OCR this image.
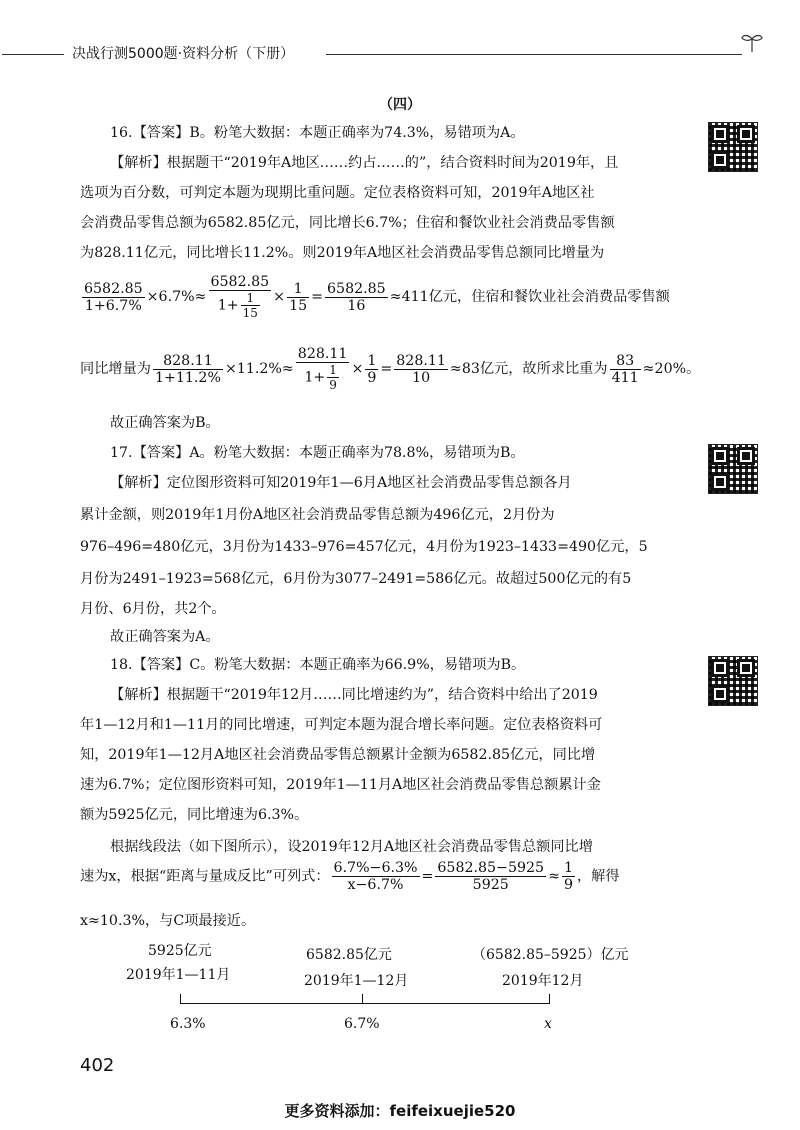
决战行测5000题·资料分析（下册）
（四）
16.【答案】B。粉笔大数据：本题正确率为74.3%，易错项为A。
【解析】根据题干“2019年A地区……约占……的”，结合资料时间为2019年，且
选项为百分数，可判定本题为现期比重问题。定位表格资料可知，2019年A地区社
会消费品零售总额为6582.85亿元，同比增长6.7%；住宿和餐饮业社会消费品零售额
为828.11亿元，同比增长11.2%。则2019年A地区社会消费品零售总额同比增量为
$\frac{6582.85}{1+6.7\%} \times 6.7\%\approx \frac{6582.85}{1+ \frac{1}{15}} \times \frac{1}{15} = \frac{6582.85}{16} \approx 411$亿元，住宿和餐饮业社会消费品零售额
同比增量为 $\frac{828.11}{1+11.2\%} \times 11.2\%\approx \frac{828.11}{1+ \frac{1}{9}} \times \frac{1}{9} = \frac{828.11}{10} \approx 83$亿元，故所求比重为 $\frac{83}{411} \approx 20\%$。
故正确答案为B。
17.【答案】A。粉笔大数据：本题正确率为78.8%，易错项为B。
【解析】定位图形资料可知2019年1—6月A地区社会消费品零售总额各月
累计金额，则2019年1月份A地区社会消费品零售总额为496亿元，2月份为
976–496=480亿元，3月份为1433–976=457亿元，4月份为1923–1433=490亿元，5
月份为2491–1923=568亿元，6月份为3077–2491=586亿元。故超过500亿元的有5
月份、6月份，共2个。
故正确答案为A。
18.【答案】C。粉笔大数据：本题正确率为66.9%，易错项为B。
【解析】根据题干“2019年12月……同比增速约为”，结合资料中给出了2019
年1—12月和1—11月的同比增速，可判定本题为混合增长率问题。定位表格资料可
知，2019年1—12月A地区社会消费品零售总额累计金额为6582.85亿元，同比增
速为6.7%；定位图形资料可知，2019年1—11月A地区社会消费品零售总额累计金
额为5925亿元，同比增速为6.3%。
根据线段法（如下图所示），设2019年12月A地区社会消费品零售总额同比增
速为x，根据“距离与量成反比”可列式： $\frac{6.7\%-6.3\%}{x-6.7\%} = \frac{6582.85-5925}{5925} \approx \frac{1}{9}$ ，解得
x≈10.3%，与C项最接近。
5925亿元
2019年1—11月
6582.85亿元
2019年1—12月
（6582.85–5925）亿元
2019年12月
6.3%	6.7%	x
402
更多资料添加：feifeixuejie520
